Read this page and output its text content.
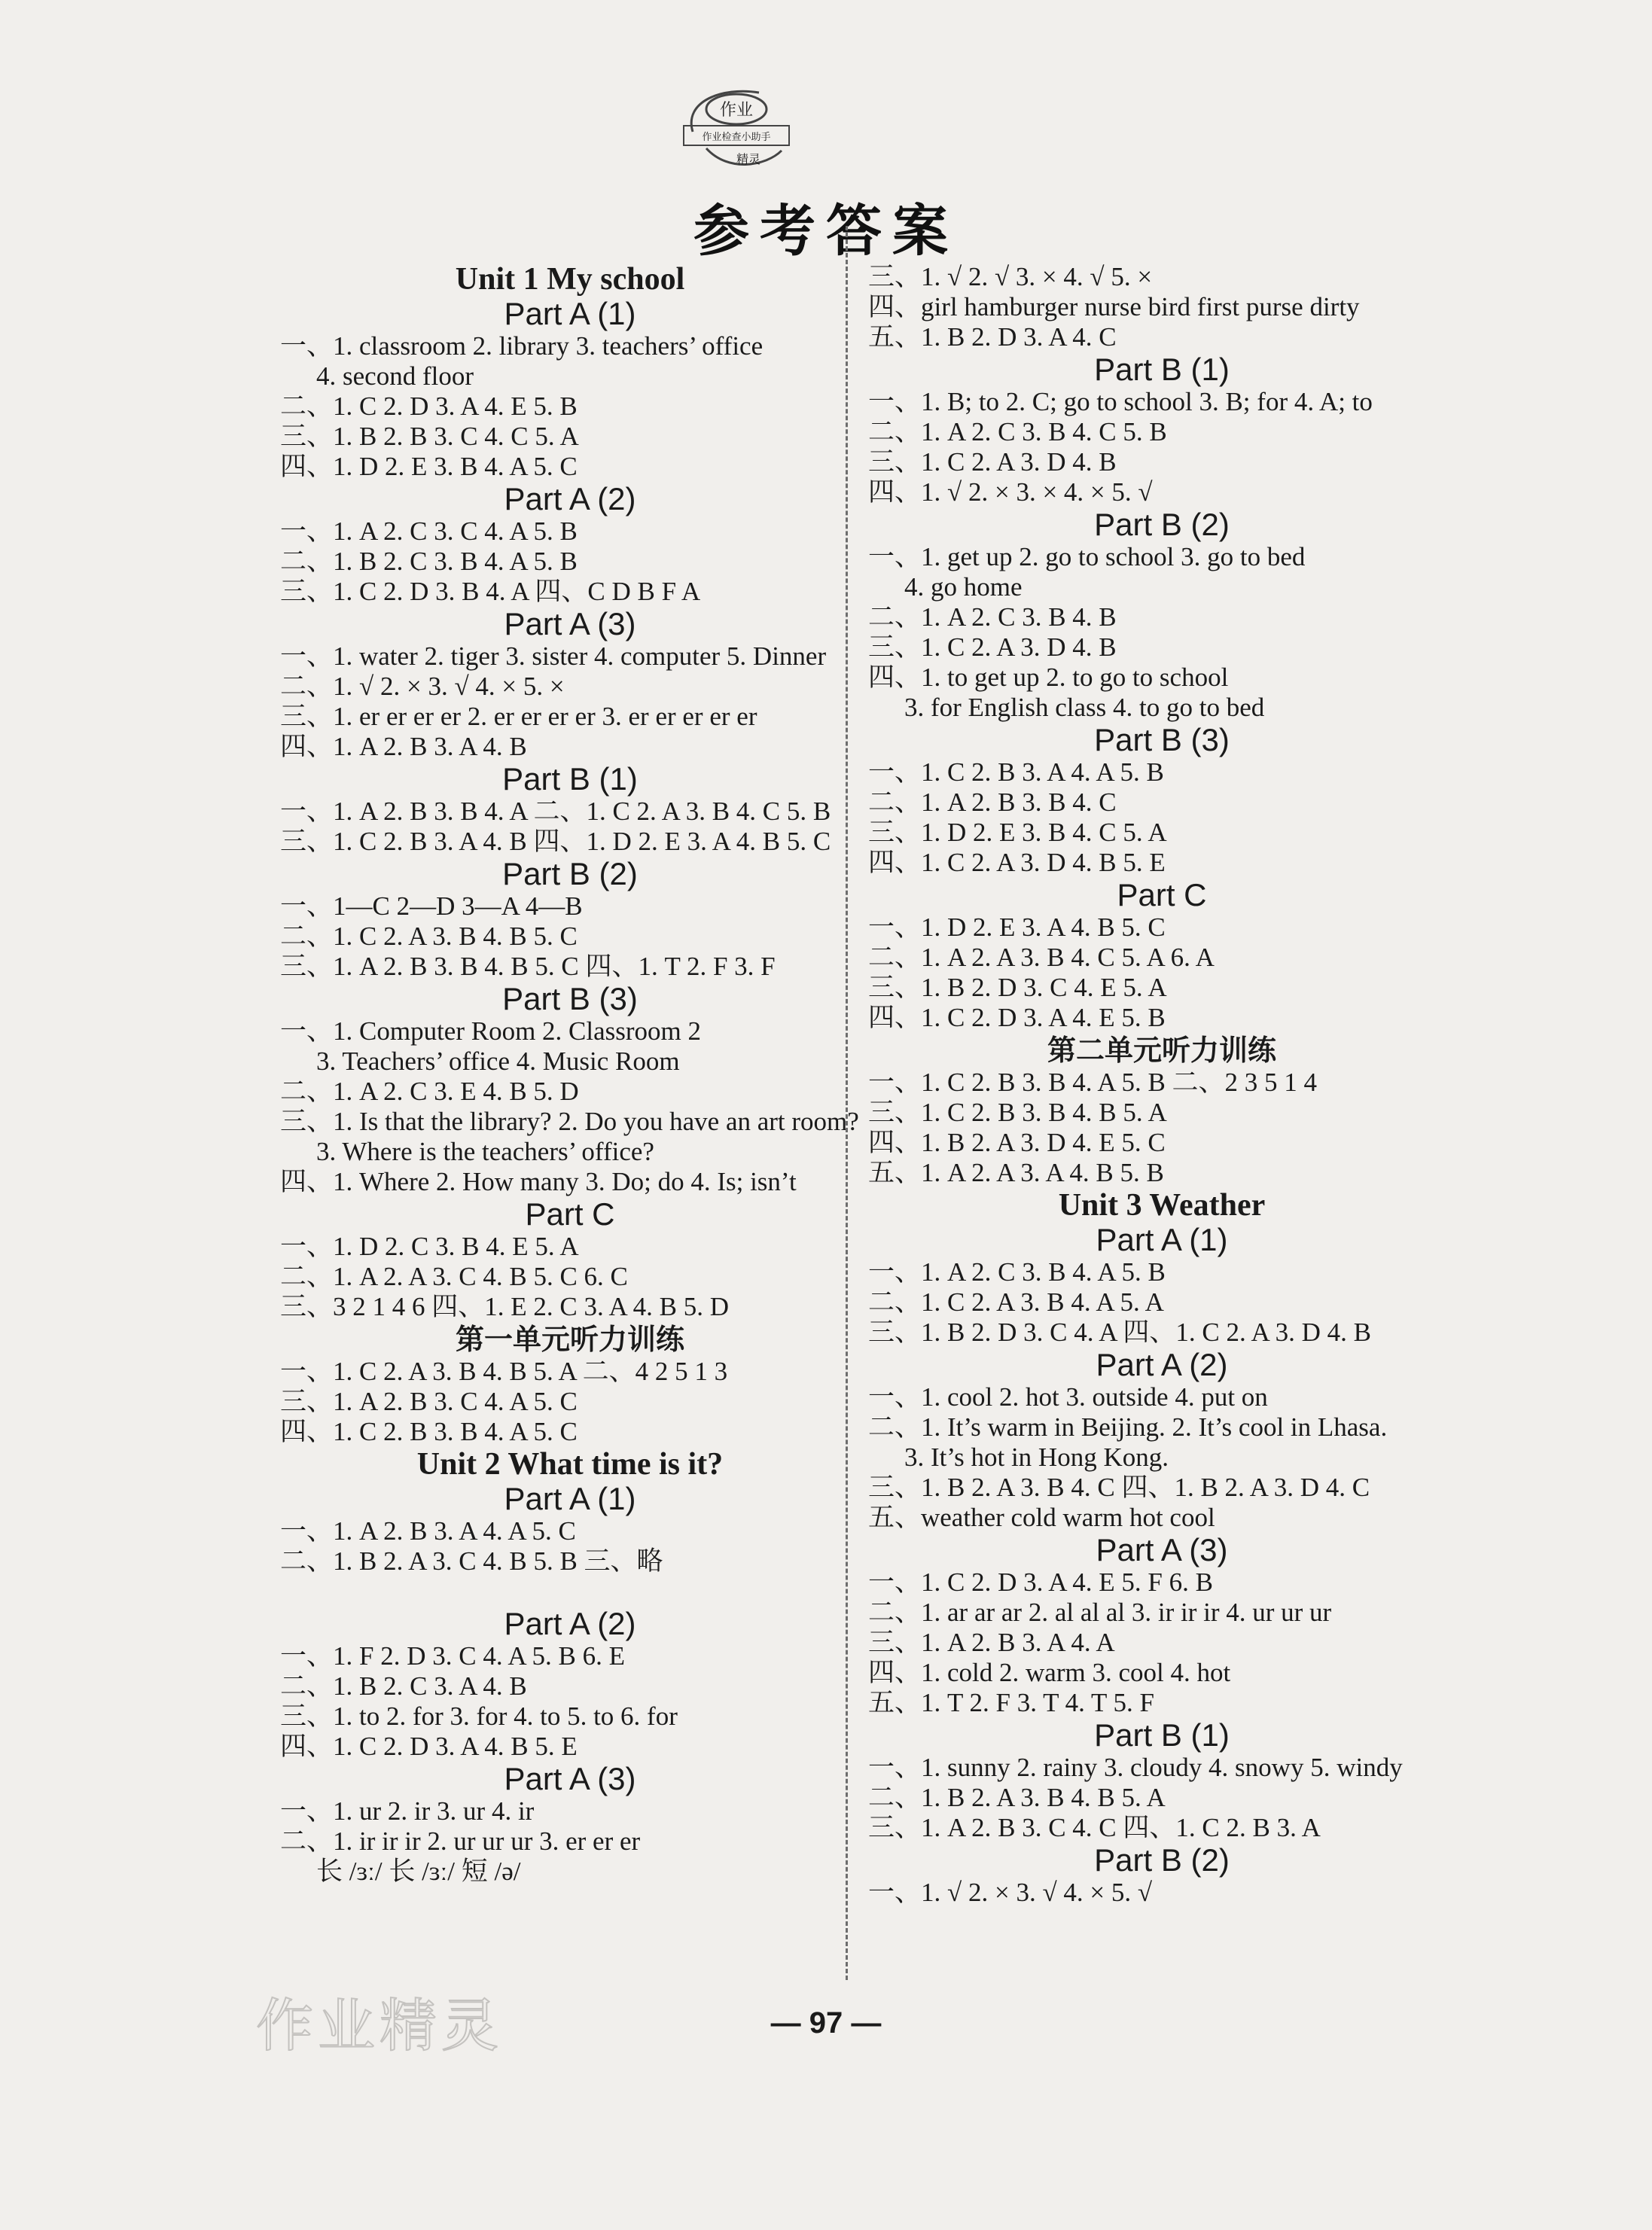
作业
作业检查小助手
精灵
参考答案
Unit 1 My school
Part A (1)
一、1. classroom 2. library 3. teachers’ office
4. second floor
二、1. C 2. D 3. A 4. E 5. B
三、1. B 2. B 3. C 4. C 5. A
四、1. D 2. E 3. B 4. A 5. C
Part A (2)
一、1. A 2. C 3. C 4. A 5. B
二、1. B 2. C 3. B 4. A 5. B
三、1. C 2. D 3. B 4. A 四、C D B F A
Part A (3)
一、1. water 2. tiger 3. sister 4. computer 5. Dinner
二、1. √ 2. × 3. √ 4. × 5. ×
三、1. er er er er 2. er er er er 3. er er er er er
四、1. A 2. B 3. A 4. B
Part B (1)
一、1. A 2. B 3. B 4. A 二、1. C 2. A 3. B 4. C 5. B
三、1. C 2. B 3. A 4. B 四、1. D 2. E 3. A 4. B 5. C
Part B (2)
一、1—C 2—D 3—A 4—B
二、1. C 2. A 3. B 4. B 5. C
三、1. A 2. B 3. B 4. B 5. C 四、1. T 2. F 3. F
Part B (3)
一、1. Computer Room 2. Classroom 2
3. Teachers’ office 4. Music Room
二、1. A 2. C 3. E 4. B 5. D
三、1. Is that the library? 2. Do you have an art room?
3. Where is the teachers’ office?
四、1. Where 2. How many 3. Do; do 4. Is; isn’t
Part C
一、1. D 2. C 3. B 4. E 5. A
二、1. A 2. A 3. C 4. B 5. C 6. C
三、3 2 1 4 6 四、1. E 2. C 3. A 4. B 5. D
第一单元听力训练
一、1. C 2. A 3. B 4. B 5. A 二、4 2 5 1 3
三、1. A 2. B 3. C 4. A 5. C
四、1. C 2. B 3. B 4. A 5. C
Unit 2 What time is it?
Part A (1)
一、1. A 2. B 3. A 4. A 5. C
二、1. B 2. A 3. C 4. B 5. B 三、略
Part A (2)
一、1. F 2. D 3. C 4. A 5. B 6. E
二、1. B 2. C 3. A 4. B
三、1. to 2. for 3. for 4. to 5. to 6. for
四、1. C 2. D 3. A 4. B 5. E
Part A (3)
一、1. ur 2. ir 3. ur 4. ir
二、1. ir ir ir 2. ur ur ur 3. er er er
长 /ɜː/ 长 /ɜː/ 短 /ə/
三、1. √ 2. √ 3. × 4. √ 5. ×
四、girl hamburger nurse bird first purse dirty
五、1. B 2. D 3. A 4. C
Part B (1)
一、1. B; to 2. C; go to school 3. B; for 4. A; to
二、1. A 2. C 3. B 4. C 5. B
三、1. C 2. A 3. D 4. B
四、1. √ 2. × 3. × 4. × 5. √
Part B (2)
一、1. get up 2. go to school 3. go to bed
4. go home
二、1. A 2. C 3. B 4. B
三、1. C 2. A 3. D 4. B
四、1. to get up 2. to go to school
3. for English class 4. to go to bed
Part B (3)
一、1. C 2. B 3. A 4. A 5. B
二、1. A 2. B 3. B 4. C
三、1. D 2. E 3. B 4. C 5. A
四、1. C 2. A 3. D 4. B 5. E
Part C
一、1. D 2. E 3. A 4. B 5. C
二、1. A 2. A 3. B 4. C 5. A 6. A
三、1. B 2. D 3. C 4. E 5. A
四、1. C 2. D 3. A 4. E 5. B
第二单元听力训练
一、1. C 2. B 3. B 4. A 5. B 二、2 3 5 1 4
三、1. C 2. B 3. B 4. B 5. A
四、1. B 2. A 3. D 4. E 5. C
五、1. A 2. A 3. A 4. B 5. B
Unit 3 Weather
Part A (1)
一、1. A 2. C 3. B 4. A 5. B
二、1. C 2. A 3. B 4. A 5. A
三、1. B 2. D 3. C 4. A 四、1. C 2. A 3. D 4. B
Part A (2)
一、1. cool 2. hot 3. outside 4. put on
二、1. It’s warm in Beijing. 2. It’s cool in Lhasa.
3. It’s hot in Hong Kong.
三、1. B 2. A 3. B 4. C 四、1. B 2. A 3. D 4. C
五、weather cold warm hot cool
Part A (3)
一、1. C 2. D 3. A 4. E 5. F 6. B
二、1. ar ar ar 2. al al al 3. ir ir ir 4. ur ur ur
三、1. A 2. B 3. A 4. A
四、1. cold 2. warm 3. cool 4. hot
五、1. T 2. F 3. T 4. T 5. F
Part B (1)
一、1. sunny 2. rainy 3. cloudy 4. snowy 5. windy
二、1. B 2. A 3. B 4. B 5. A
三、1. A 2. B 3. C 4. C 四、1. C 2. B 3. A
Part B (2)
一、1. √ 2. × 3. √ 4. × 5. √
作业精灵	— 97 —
